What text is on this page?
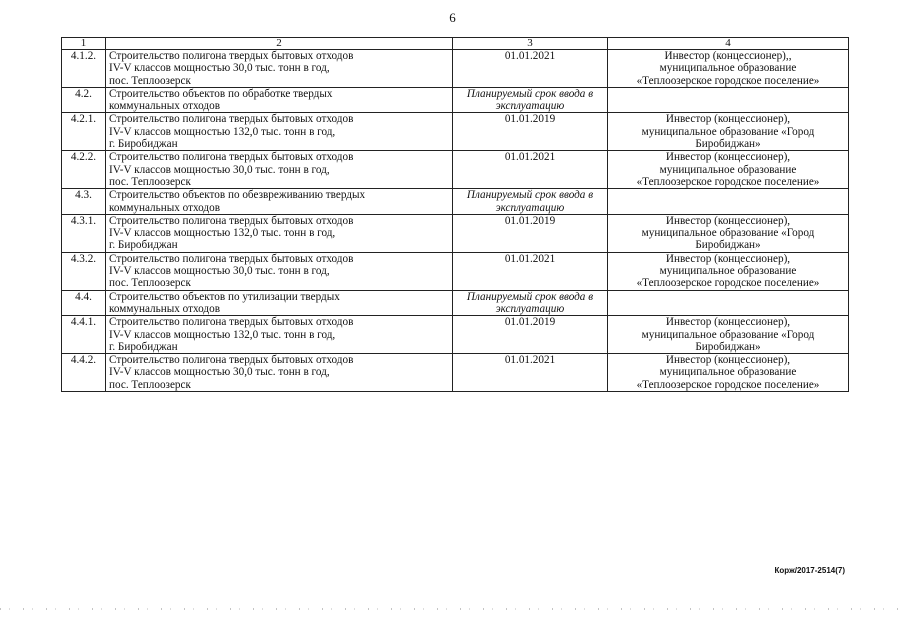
6
1	2	3	4
4.1.2.	Строительство полигона твердых бытовых отходов
IV-V классов мощностью 30,0 тыс. тонн в год,
пос. Теплоозерск	01.01.2021	Инвестор (концессионер),,
муниципальное образование
«Теплоозерское городское поселение»
4.2.	Строительство объектов по обработке твердых
коммунальных отходов	Планируемый срок ввода в эксплуатацию	
4.2.1.	Строительство полигона твердых бытовых отходов
IV-V классов мощностью 132,0 тыс. тонн в год,
г. Биробиджан	01.01.2019	Инвестор (концессионер),
муниципальное образование «Город
Биробиджан»
4.2.2.	Строительство полигона твердых бытовых отходов
IV-V классов мощностью 30,0 тыс. тонн в год,
пос. Теплоозерск	01.01.2021	Инвестор (концессионер),
муниципальное образование
«Теплоозерское городское поселение»
4.3.	Строительство объектов по обезвреживанию твердых
коммунальных отходов	Планируемый срок ввода в эксплуатацию	
4.3.1.	Строительство полигона твердых бытовых отходов
IV-V классов мощностью 132,0 тыс. тонн в год,
г. Биробиджан	01.01.2019	Инвестор (концессионер),
муниципальное образование «Город
Биробиджан»
4.3.2.	Строительство полигона твердых бытовых отходов
IV-V классов мощностью 30,0 тыс. тонн в год,
пос. Теплоозерск	01.01.2021	Инвестор (концессионер),
муниципальное образование
«Теплоозерское городское поселение»
4.4.	Строительство объектов по утилизации твердых
коммунальных отходов	Планируемый срок ввода в эксплуатацию	
4.4.1.	Строительство полигона твердых бытовых отходов
IV-V классов мощностью 132,0 тыс. тонн в год,
г. Биробиджан	01.01.2019	Инвестор (концессионер),
муниципальное образование «Город
Биробиджан»
4.4.2.	Строительство полигона твердых бытовых отходов
IV-V классов мощностью 30,0 тыс. тонн в год,
пос. Теплоозерск	01.01.2021	Инвестор (концессионер),
муниципальное образование
«Теплоозерское городское поселение»
Корж/2017-2514(7)
